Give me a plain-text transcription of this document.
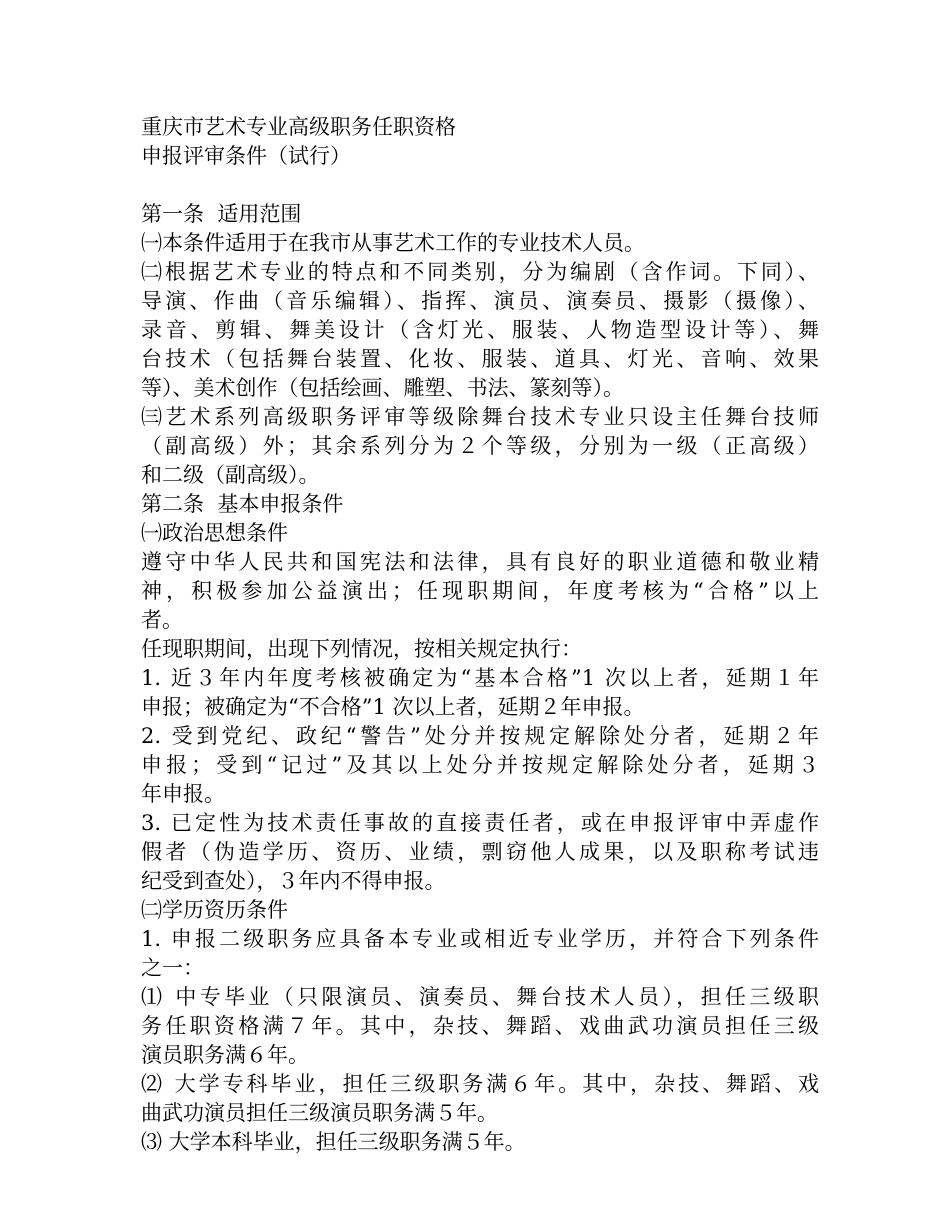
重庆市艺术专业高级职务任职资格
申报评审条件（试行）
第一条  适用范围
㈠本条件适用于在我市从事艺术工作的专业技术人员。
㈡根据艺术专业的特点和不同类别，分为编剧（含作词。下同）、
导演、作曲（音乐编辑）、指挥、演员、演奏员、摄影（摄像）、
录音、剪辑、舞美设计（含灯光、服装、人物造型设计等）、舞
台技术（包括舞台装置、化妆、服装、道具、灯光、音响、效果
等）、美术创作（包括绘画、雕塑、书法、篆刻等）。
㈢艺术系列高级职务评审等级除舞台技术专业只设主任舞台技师
（副高级）外；其余系列分为２个等级，分别为一级（正高级）
和二级（副高级）。
第二条  基本申报条件
㈠政治思想条件
遵守中华人民共和国宪法和法律，具有良好的职业道德和敬业精
神，积极参加公益演出；任现职期间，年度考核为“合格”以上
者。
任现职期间，出现下列情况，按相关规定执行：
1. 近３年内年度考核被确定为“基本合格”1 次以上者，延期１年
申报；被确定为“不合格”1 次以上者，延期２年申报。
2. 受到党纪、政纪“警告”处分并按规定解除处分者，延期２年
申报；受到“记过”及其以上处分并按规定解除处分者，延期３
年申报。
3. 已定性为技术责任事故的直接责任者，或在申报评审中弄虚作
假者（伪造学历、资历、业绩，剽窃他人成果，以及职称考试违
纪受到查处），３年内不得申报。
㈡学历资历条件
1. 申报二级职务应具备本专业或相近专业学历，并符合下列条件
之一：
⑴ 中专毕业（只限演员、演奏员、舞台技术人员），担任三级职
务任职资格满７年。其中，杂技、舞蹈、戏曲武功演员担任三级
演员职务满６年。
⑵ 大学专科毕业，担任三级职务满６年。其中，杂技、舞蹈、戏
曲武功演员担任三级演员职务满５年。
⑶ 大学本科毕业，担任三级职务满５年。
